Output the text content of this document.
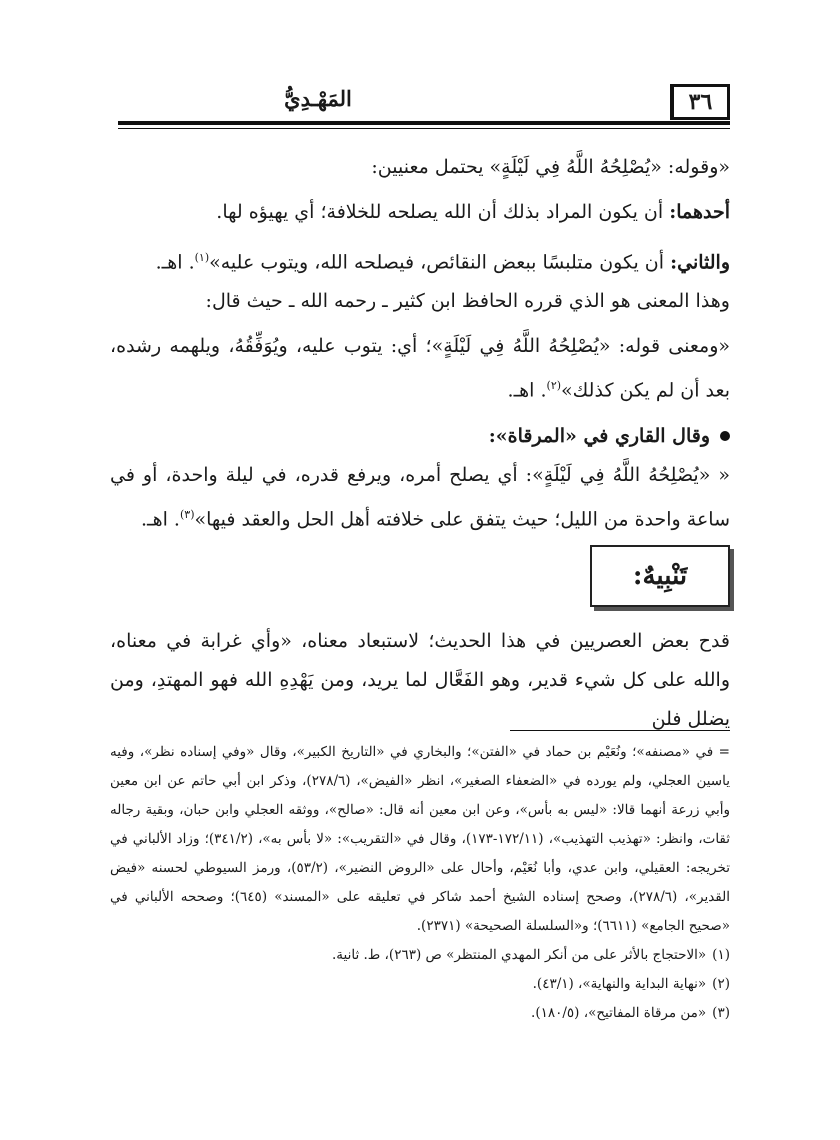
٣٦
المَهْـدِيُّ

«وقوله: «يُصْلِحُهُ اللَّهُ فِي لَيْلَةٍ» يحتمل معنيين:

أحدهما: أن يكون المراد بذلك أن الله يصلحه للخلافة؛ أي يهيؤه لها.

والثاني: أن يكون متلبسًا ببعض النقائص، فيصلحه الله، ويتوب عليه»$^{(١)}$. اهـ.

وهذا المعنى هو الذي قرره الحافظ ابن كثير ـ رحمه الله ـ حيث قال:

«ومعنى قوله: «يُصْلِحُهُ اللَّهُ فِي لَيْلَةٍ»؛ أي: يتوب عليه، ويُوَفِّقُهُ، ويلهمه رشده، بعد أن لم يكن كذلك»$^{(٢)}$. اهـ.

وقال القاري في «المرقاة»:

« «يُصْلِحُهُ اللَّهُ فِي لَيْلَةٍ»: أي يصلح أمره، ويرفع قدره، في ليلة واحدة، أو في ساعة واحدة من الليل؛ حيث يتفق على خلافته أهل الحل والعقد فيها»$^{(٣)}$. اهـ.

تَنْبِيهٌ:

قدح بعض العصريين في هذا الحديث؛ لاستبعاد معناه، «وأي غرابة في معناه، والله على كل شيء قدير، وهو الفَعَّال لما يريد، ومن يَهْدِهِ الله فهو المهتدِ، ومن يضلل فلن

= في «مصنفه»؛ ونُعَيْم بن حماد في «الفتن»؛ والبخاري في «التاريخ الكبير»، وقال «وفي إسناده نظر»، وفيه ياسين العجلي، ولم يورده في «الضعفاء الصغير»، انظر «الفيض»، (٢٧٨/٦)، وذكر ابن أبي حاتم عن ابن معين وأبي زرعة أنهما قالا: «ليس به بأس»، وعن ابن معين أنه قال: «صالح»، ووثقه العجلي وابن حبان، وبقية رجاله ثقات، وانظر: «تهذيب التهذيب»، (١٧٢/١١-١٧٣)، وقال في «التقريب»: «لا بأس به»، (٣٤١/٢)؛ وزاد الألباني في تخريجه: العقيلي، وابن عدي، وأبا نُعَيْم، وأحال على «الروض النضير»، (٥٣/٢)، ورمز السيوطي لحسنه «فيض القدير»، (٢٧٨/٦)، وصحح إسناده الشيخ أحمد شاكر في تعليقه على «المسند» (٦٤٥)؛ وصححه الألباني في «صحيح الجامع» (٦٦١١)؛ و«السلسلة الصحيحة» (٢٣٧١).

(١)
«الاحتجاج بالأثر على من أنكر المهدي المنتظر» ص (٢٦٣)، ط. ثانية.
(٢)
«نهاية البداية والنهاية»، (٤٣/١).
(٣)
«من مرقاة المفاتيح»، (١٨٠/٥).
